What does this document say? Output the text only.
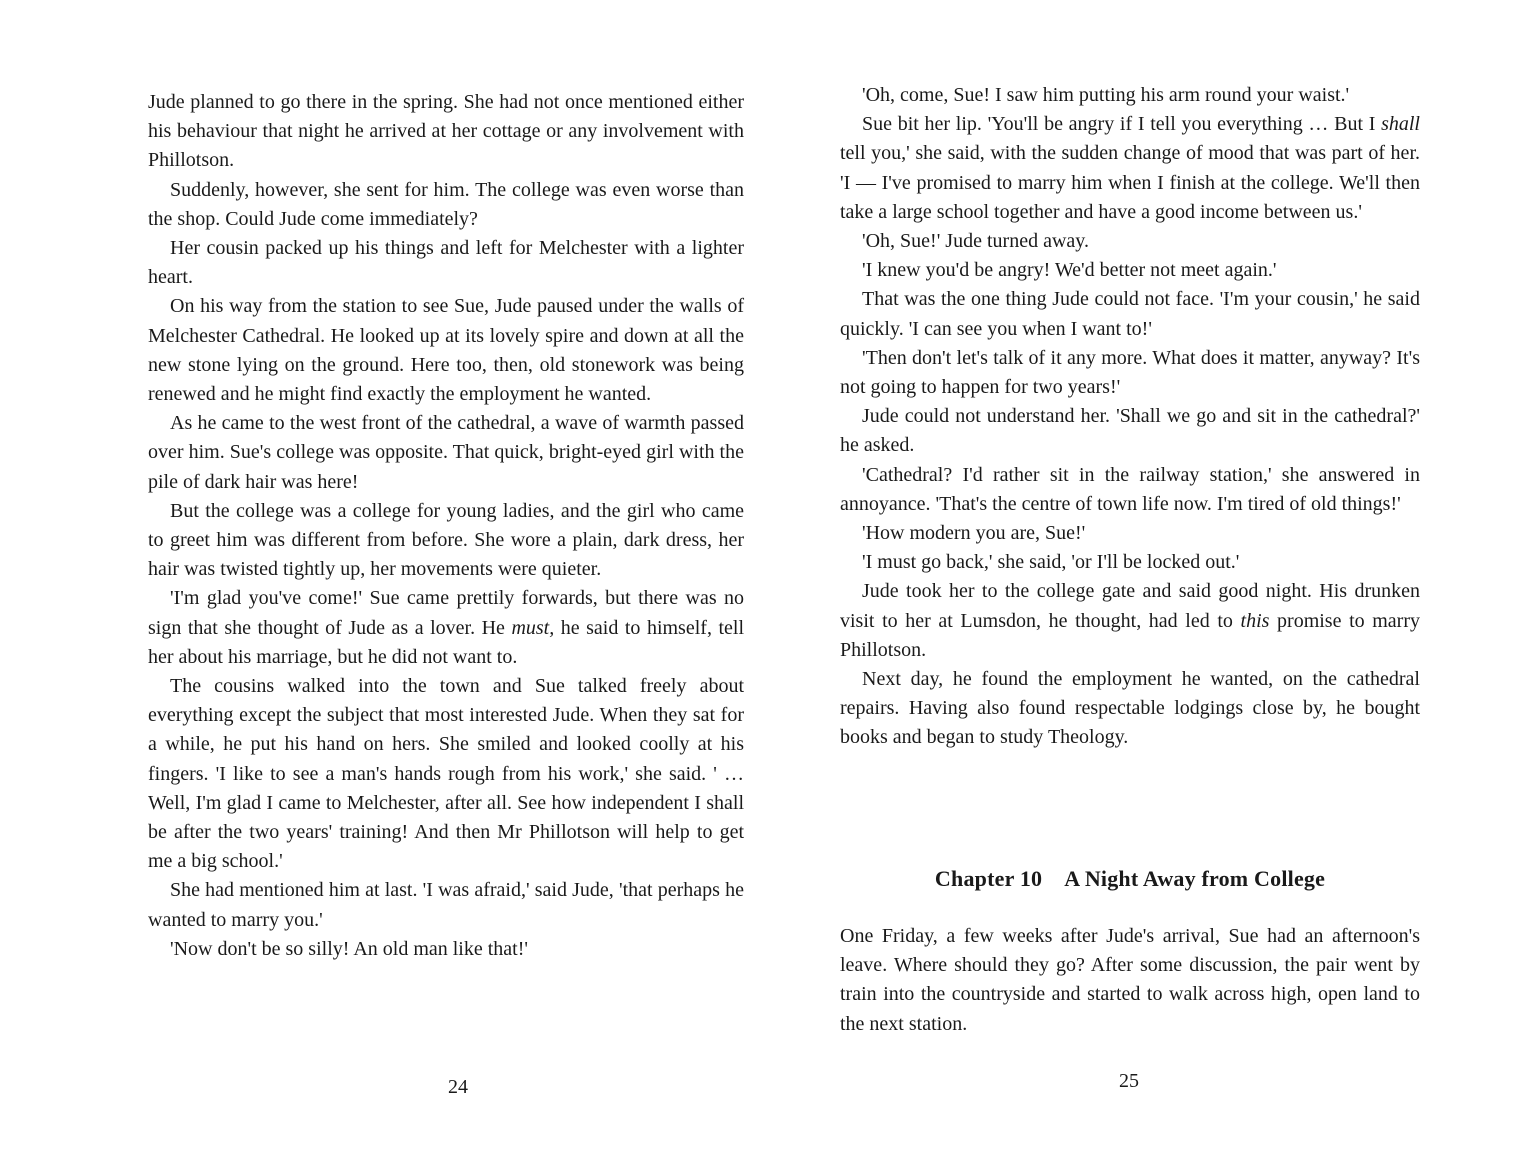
Jude planned to go there in the spring. She had not once mentioned either his behaviour that night he arrived at her cottage or any involvement with Phillotson.

Suddenly, however, she sent for him. The college was even worse than the shop. Could Jude come immediately?

Her cousin packed up his things and left for Melchester with a lighter heart.

On his way from the station to see Sue, Jude paused under the walls of Melchester Cathedral. He looked up at its lovely spire and down at all the new stone lying on the ground. Here too, then, old stonework was being renewed and he might find exactly the employment he wanted.

As he came to the west front of the cathedral, a wave of warmth passed over him. Sue's college was opposite. That quick, bright-eyed girl with the pile of dark hair was here!

But the college was a college for young ladies, and the girl who came to greet him was different from before. She wore a plain, dark dress, her hair was twisted tightly up, her movements were quieter.

'I'm glad you've come!' Sue came prettily forwards, but there was no sign that she thought of Jude as a lover. He must, he said to himself, tell her about his marriage, but he did not want to.

The cousins walked into the town and Sue talked freely about everything except the subject that most interested Jude. When they sat for a while, he put his hand on hers. She smiled and looked coolly at his fingers. 'I like to see a man's hands rough from his work,' she said. ' … Well, I'm glad I came to Melchester, after all. See how independent I shall be after the two years' training! And then Mr Phillotson will help to get me a big school.'

She had mentioned him at last. 'I was afraid,' said Jude, 'that perhaps he wanted to marry you.'

'Now don't be so silly! An old man like that!'

24

'Oh, come, Sue! I saw him putting his arm round your waist.'

Sue bit her lip. 'You'll be angry if I tell you everything … But I shall tell you,' she said, with the sudden change of mood that was part of her. 'I — I've promised to marry him when I finish at the college. We'll then take a large school together and have a good income between us.'

'Oh, Sue!' Jude turned away.

'I knew you'd be angry! We'd better not meet again.'

That was the one thing Jude could not face. 'I'm your cousin,' he said quickly. 'I can see you when I want to!'

'Then don't let's talk of it any more. What does it matter, anyway? It's not going to happen for two years!'

Jude could not understand her. 'Shall we go and sit in the cathedral?' he asked.

'Cathedral? I'd rather sit in the railway station,' she answered in annoyance. 'That's the centre of town life now. I'm tired of old things!'

'How modern you are, Sue!'

'I must go back,' she said, 'or I'll be locked out.'

Jude took her to the college gate and said good night. His drunken visit to her at Lumsdon, he thought, had led to this promise to marry Phillotson.

Next day, he found the employment he wanted, on the cathedral repairs. Having also found respectable lodgings close by, he bought books and began to study Theology.

Chapter 10 A Night Away from College

One Friday, a few weeks after Jude's arrival, Sue had an afternoon's leave. Where should they go? After some discussion, the pair went by train into the countryside and started to walk across high, open land to the next station.

25
